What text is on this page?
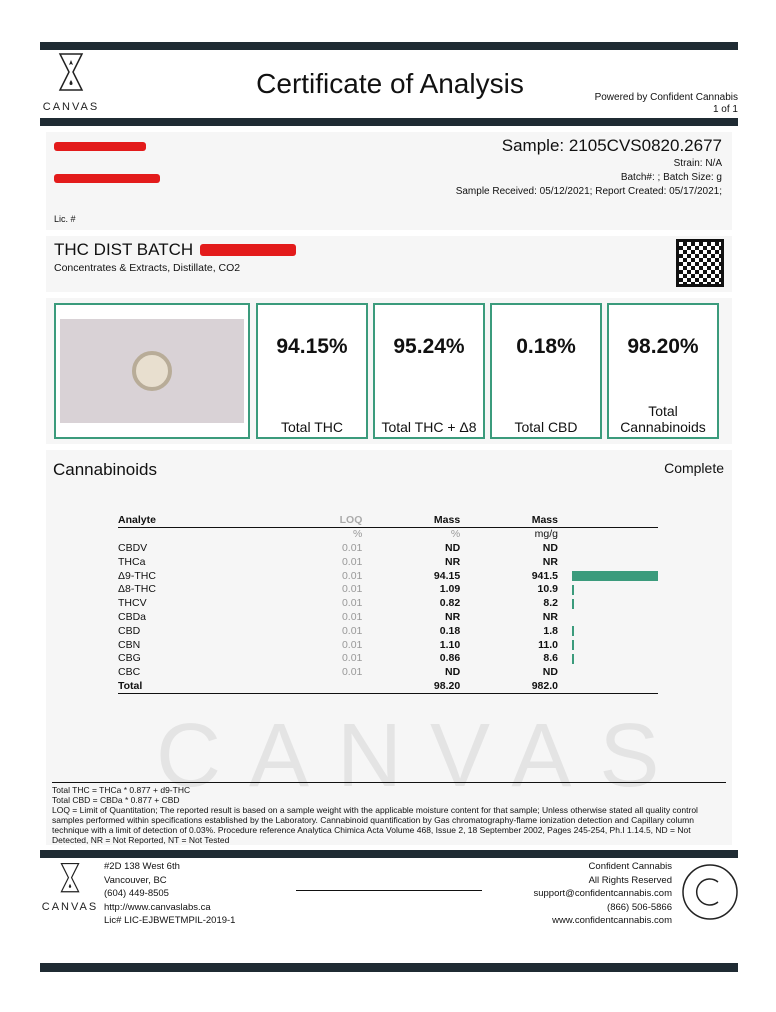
CANVAS
Certificate of Analysis	Powered by Confident Cannabis
1 of 1
Sample: 2105CVS0820.2677
Strain: N/A
Batch#: ; Batch Size: g
Sample Received: 05/12/2021; Report Created: 05/17/2021;
Lic. #
THC DIST BATCH
Concentrates & Extracts, Distillate, CO2
94.15%
Total THC
95.24%
Total THC + Δ8
0.18%
Total CBD
98.20%
Total Cannabinoids
Cannabinoids	Complete
CANVAS
Total THC = THCa * 0.877 + d9-THC
Total CBD = CBDa * 0.877 + CBD
LOQ = Limit of Quantitation; The reported result is based on a sample weight with the applicable moisture content for that sample; Unless otherwise stated all quality control samples performed within specifications established by the Laboratory. Cannabinoid quantification by Gas chromatography-flame ionization detection and Capillary column technique with a limit of detection of 0.03%. Procedure reference Analytica Chimica Acta Volume 468, Issue 2, 18 September 2002, Pages 245-254, Ph.I 1.14.5, ND = Not Detected, NR = Not Reported, NT = Not Tested
Analyte	LOQ	Mass	Mass	
	%	%	mg/g	
CBDV	0.01	ND	ND	

THCa	0.01	NR	NR	

Δ9-THC	0.01	94.15	941.5	

Δ8-THC	0.01	1.09	10.9	

THCV	0.01	0.82	8.2	

CBDa	0.01	NR	NR	

CBD	0.01	0.18	1.8	

CBN	0.01	1.10	11.0	

CBG	0.01	0.86	8.6	

CBC	0.01	ND	ND	

Total		98.20	982.0	
CANVAS
#2D 138 West 6th
Vancouver, BC
(604) 449-8505
http://www.canvaslabs.ca
Lic# LIC-EJBWETMPIL-2019-1
Confident Cannabis
All Rights Reserved
support@confidentcannabis.com
(866) 506-5866
www.confidentcannabis.com
